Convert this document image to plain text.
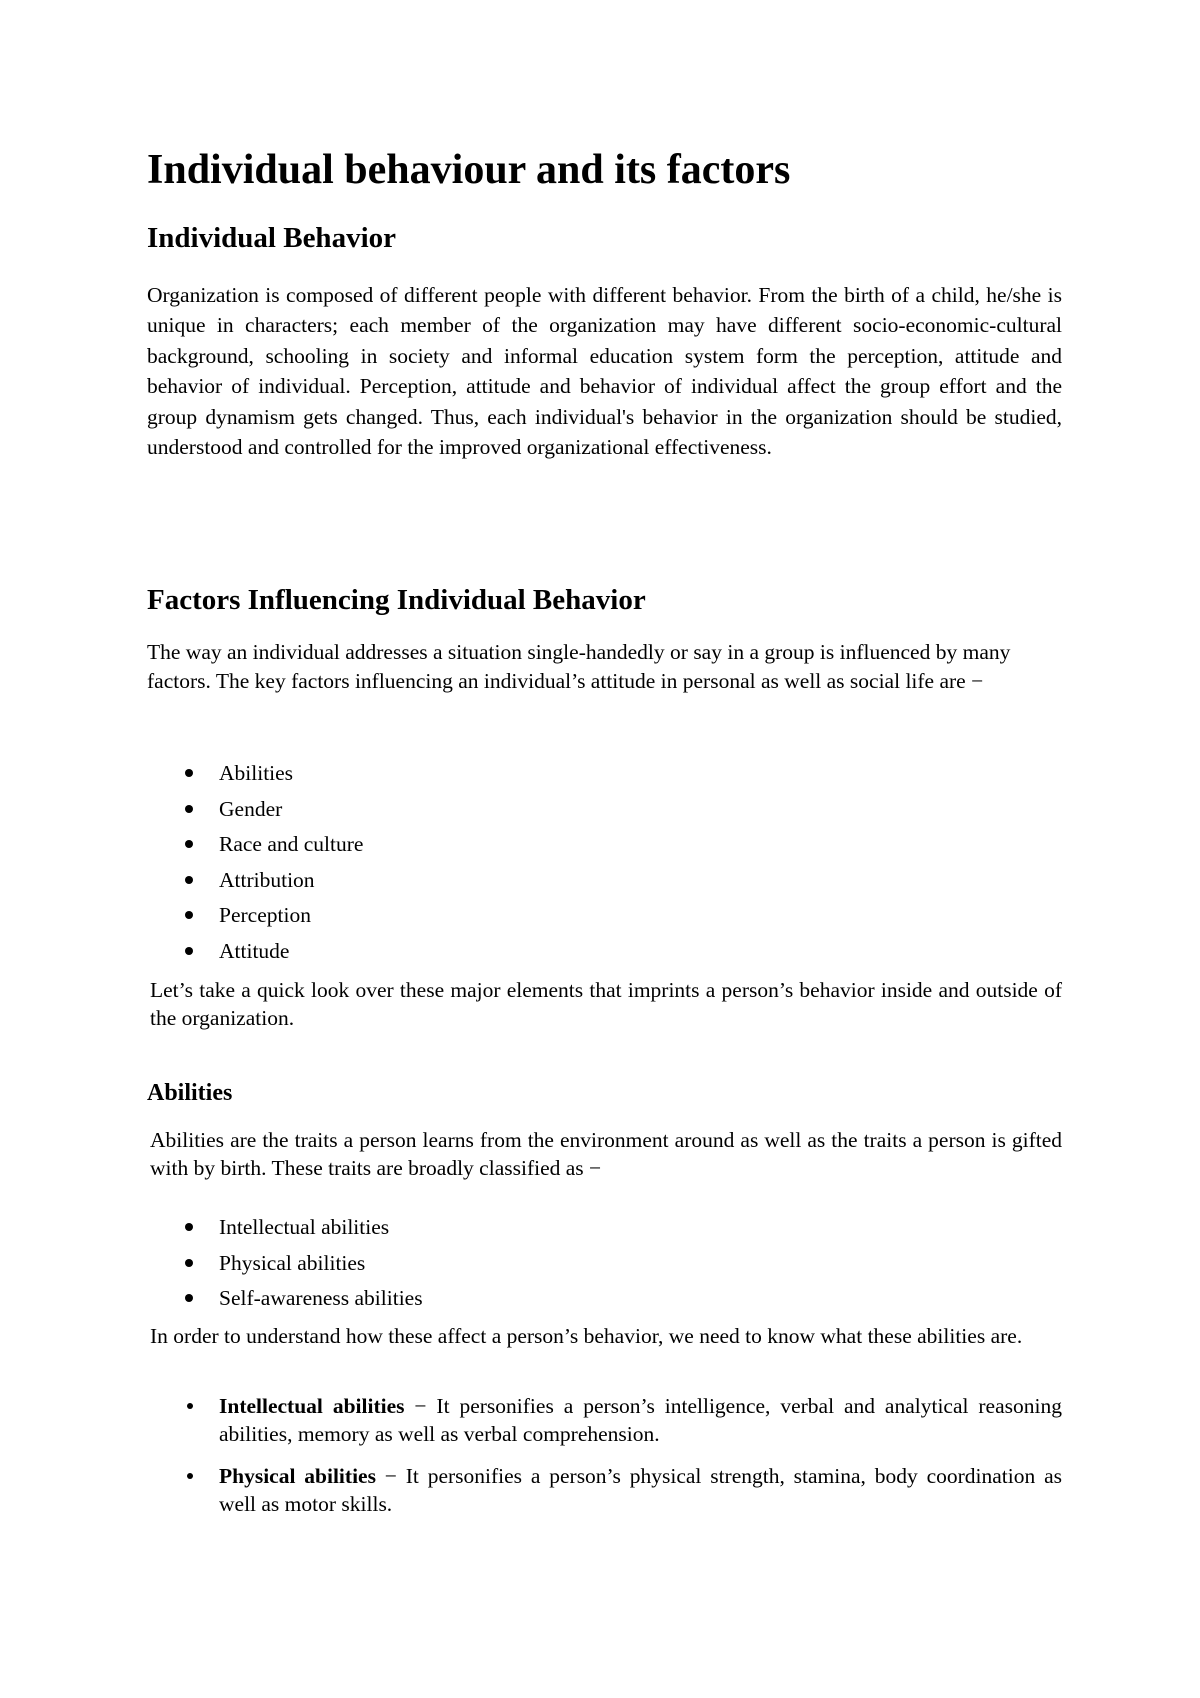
Individual behaviour and its factors
Individual Behavior

Organization is composed of different people with different behavior. From the birth of a child, he/she is unique in characters; each member of the organization may have different socio-economic-cultural background, schooling in society and informal education system form the perception, attitude and behavior of individual. Perception, attitude and behavior of individual affect the group effort and the group dynamism gets changed. Thus, each individual's behavior in the organization should be studied, understood and controlled for the improved organizational effectiveness.

Factors Influencing Individual Behavior

The way an individual addresses a situation single-handedly or say in a group is influenced by many factors. The key factors influencing an individual’s attitude in personal as well as social life are −

Abilities
Gender
Race and culture
Attribution
Perception
Attitude

Let’s take a quick look over these major elements that imprints a person’s behavior inside and outside of the organization.

Abilities

Abilities are the traits a person learns from the environment around as well as the traits a person is gifted with by birth. These traits are broadly classified as −

Intellectual abilities
Physical abilities
Self-awareness abilities

In order to understand how these affect a person’s behavior, we need to know what these abilities are.

Intellectual abilities − It personifies a person’s intelligence, verbal and analytical reasoning abilities, memory as well as verbal comprehension.
Physical abilities − It personifies a person’s physical strength, stamina, body coordination as well as motor skills.
